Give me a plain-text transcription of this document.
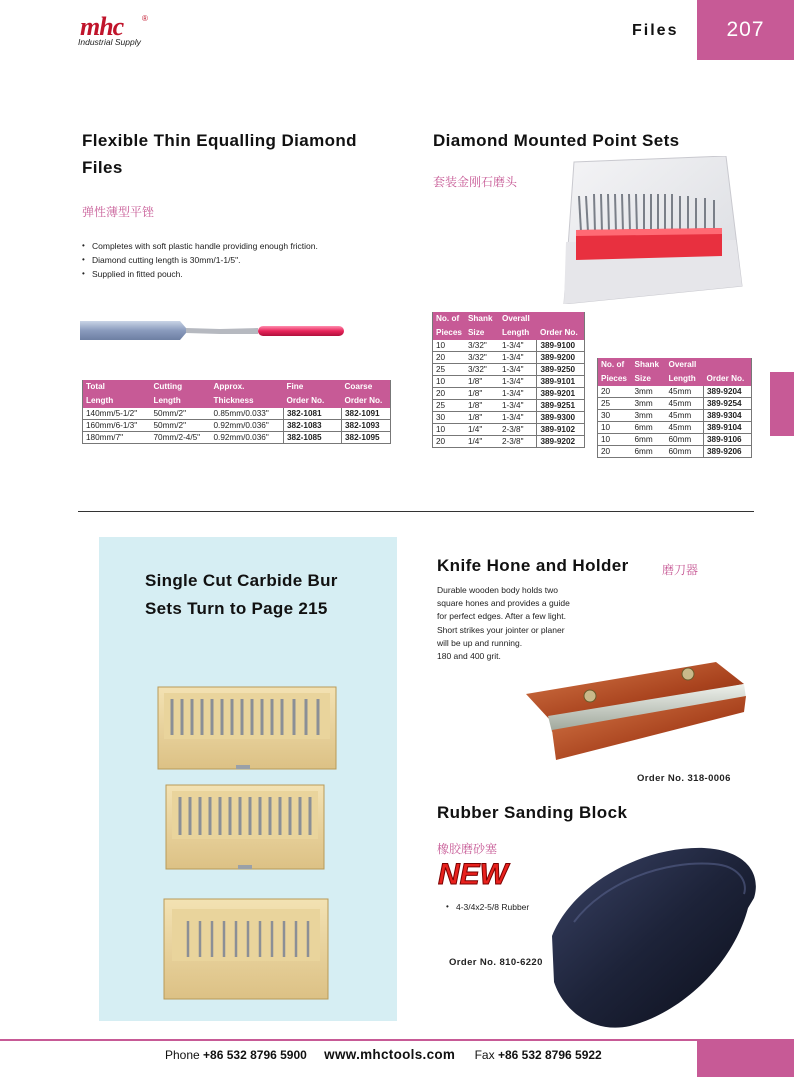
mhc ®
Industrial Supply
Files	207
Flexible Thin Equalling Diamond
Files
弹性薄型平锉
• Completes with soft plastic handle providing enough friction.
• Diamond cutting length is 30mm/1-1/5".
• Supplied in fitted pouch.
Total	Cutting	Approx.	Fine	Coarse
Length	Length	Thickness	Order No.	Order No.
140mm/5-1/2"	50mm/2"	0.85mm/0.033"	382-1081	382-1091
160mm/6-1/3"	50mm/2"	0.92mm/0.036"	382-1083	382-1093
180mm/7"	70mm/2-4/5"	0.92mm/0.036"	382-1085	382-1095
Diamond Mounted Point Sets
套装金刚石磨头
No. of	Shank	Overall	
Pieces	Size	Length	Order No.
10	3/32"	1-3/4"	389-9100
20	3/32"	1-3/4"	389-9200
25	3/32"	1-3/4"	389-9250
10	1/8"	1-3/4"	389-9101
20	1/8"	1-3/4"	389-9201
25	1/8"	1-3/4"	389-9251
30	1/8"	1-3/4"	389-9300
10	1/4"	2-3/8"	389-9102
20	1/4"	2-3/8"	389-9202
No. of	Shank	Overall	
Pieces	Size	Length	Order No.
20	3mm	45mm	389-9204
25	3mm	45mm	389-9254
30	3mm	45mm	389-9304
10	6mm	45mm	389-9104
10	6mm	60mm	389-9106
20	6mm	60mm	389-9206
Single Cut Carbide Bur
Sets Turn to Page 215
Knife Hone and Holder	磨刀器
Durable wooden body holds two
square hones and provides a guide
for perfect edges. After a few light.
Short strikes your jointer or planer
will be up and running.
180 and 400 grit.
Order No. 318-0006
Rubber Sanding Block
橡胶磨砂塞
NEW
• 4-3/4x2-5/8 Rubber
Order No. 810-6220
Phone +86 532 8796 5900 www.mhctools.com Fax +86 532 8796 5922
